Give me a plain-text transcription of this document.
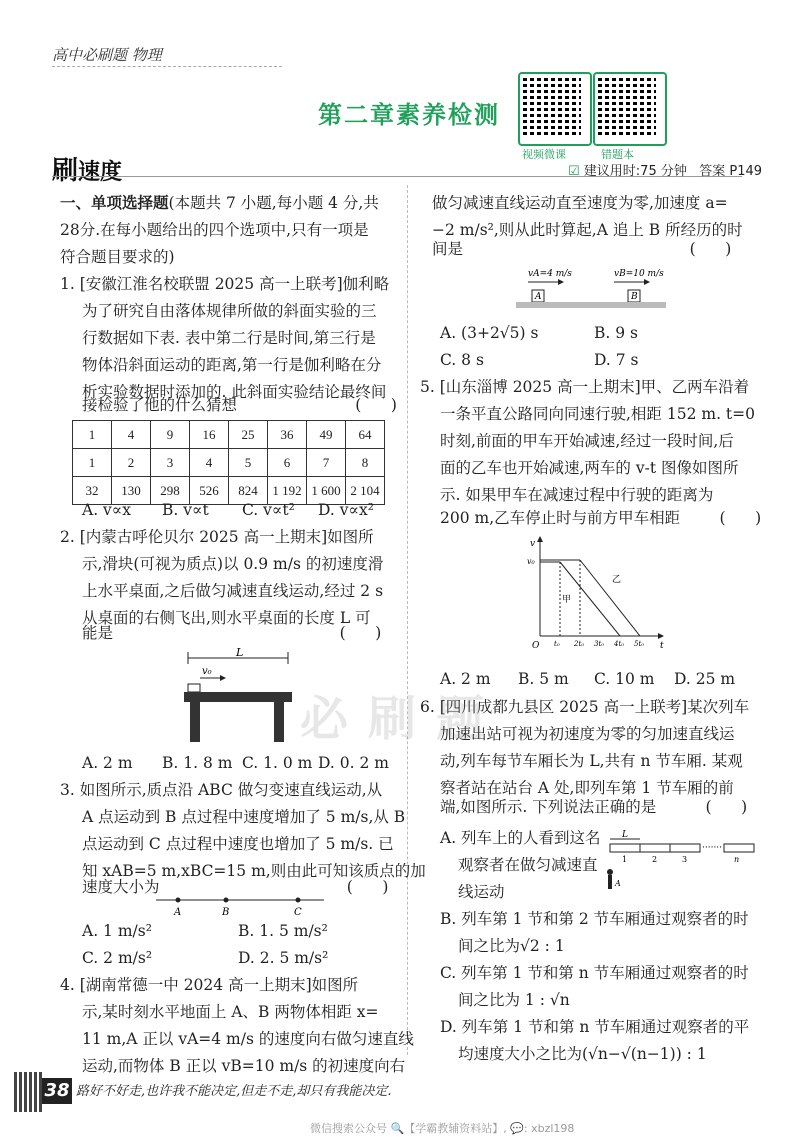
高中必刷题 物理
第二章素养检测
视频微课	错题本
刷速度	☑ 建议用时:75 分钟 答案 P149
一、单项选择题(本题共 7 小题,每小题 4 分,共
28分.在每小题给出的四个选项中,只有一项是
符合题目要求的)
1. [安徽江淮名校联盟 2025 高一上联考]伽利略
为了研究自由落体规律所做的斜面实验的三
行数据如下表. 表中第二行是时间,第三行是
物体沿斜面运动的距离,第一行是伽利略在分
析实验数据时添加的. 此斜面实验结论最终间
接检验了他的什么猜想                        (      )
1	4	9	16	25	36	49	64
1	2	3	4	5	6	7	8
32	130	298	526	824	1 192	1 600	2 104
A. v∝x B. v∝t C. v∝t² D. v∝x²
2. [内蒙古呼伦贝尔 2025 高一上期末]如图所
示,滑块(可视为质点)以 0.9 m/s 的初速度滑
上水平桌面,之后做匀减速直线运动,经过 2 s
从桌面的右侧飞出,则水平桌面的长度 L 可
能是                                              (      )
L
v₀
A. 2 m B. 1. 8 m C. 1. 0 m D. 0. 2 m
3. 如图所示,质点沿 ABC 做匀变速直线运动,从
A 点运动到 B 点过程中速度增加了 5 m/s,从 B
点运动到 C 点过程中速度也增加了 5 m/s. 已
知 xAB=5 m,xBC=15 m,则由此可知该质点的加
速度大小为                                      (      )
A	B	C
A. 1 m/s²	B. 1. 5 m/s²
C. 2 m/s²	D. 2. 5 m/s²
4. [湖南常德一中 2024 高一上期末]如图所
示,某时刻水平地面上 A、B 两物体相距 x=
11 m,A 正以 vA=4 m/s 的速度向右做匀速直线
运动,而物体 B 正以 vB=10 m/s 的初速度向右
做匀减速直线运动直至速度为零,加速度 a=
−2 m/s²,则从此时算起,A 追上 B 所经历的时
间是                                              (      )
vA=4 m/s	vB=10 m/s
A	B
A. (3+2√5) s	B. 9 s
C. 8 s	D. 7 s
5. [山东淄博 2025 高一上期末]甲、乙两车沿着
一条平直公路同向同速行驶,相距 152 m. t=0
时刻,前面的甲车开始减速,经过一段时间,后
面的乙车也开始减速,两车的 v-t 图像如图所
示. 如果甲车在减速过程中行驶的距离为
200 m,乙车停止时与前方甲车相距        (      )
v
v₀
t
O
甲
乙
t₀ 2t₀ 3t₀ 4t₀ 5t₀
A. 2 m B. 5 m C. 10 m D. 25 m
6. [四川成都九县区 2025 高一上联考]某次列车
加速出站可视为初速度为零的匀加速直线运
动,列车每节车厢长为 L,共有 n 节车厢. 某观
察者站在站台 A 处,即列车第 1 节车厢的前
端,如图所示. 下列说法正确的是          (      )
A. 列车上的人看到这名
观察者在做匀减速直
线运动
L
1	2	3	n
·······
A
B. 列车第 1 节和第 2 节车厢通过观察者的时
间之比为√2 : 1
C. 列车第 1 节和第 n 节车厢通过观察者的时
间之比为 1 : √n
D. 列车第 1 节和第 n 节车厢通过观察者的平
均速度大小之比为(√n−√(n−1)) : 1
必刷题
38 路好不好走,也许我不能决定,但走不走,却只有我能决定.
微信搜索公众号 🔍【学霸教辅资料站】, 💬: xbzl198
